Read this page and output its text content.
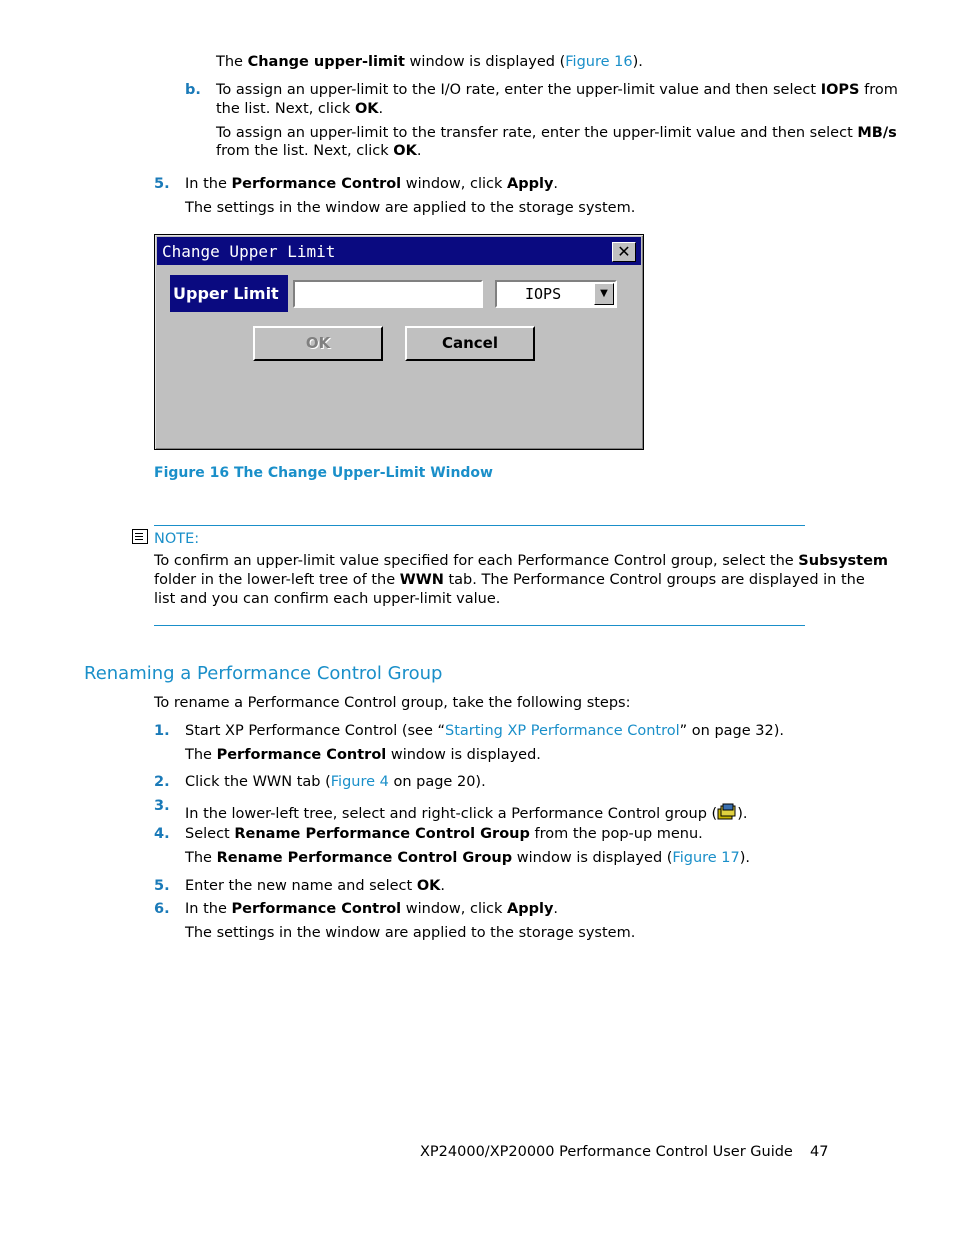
The Change upper-limit window is displayed (Figure 16).
b. To assign an upper-limit to the I/O rate, enter the upper-limit value and then select IOPS from
the list. Next, click OK.
To assign an upper-limit to the transfer rate, enter the upper-limit value and then select MB/s
from the list. Next, click OK.
5. In the Performance Control window, click Apply.
The settings in the window are applied to the storage system.
Change Upper Limit	✕
Upper Limit	IOPS	▼
OK	Cancel
Figure 16 The Change Upper-Limit Window
NOTE:
To confirm an upper-limit value specified for each Performance Control group, select the Subsystem
folder in the lower-left tree of the WWN tab. The Performance Control groups are displayed in the
list and you can confirm each upper-limit value.
Renaming a Performance Control Group
To rename a Performance Control group, take the following steps:
1. Start XP Performance Control (see “Starting XP Performance Control” on page 32).
The Performance Control window is displayed.
2. Click the WWN tab (Figure 4 on page 20).
3. In the lower-left tree, select and right-click a Performance Control group ( ).
4. Select Rename Performance Control Group from the pop-up menu.
The Rename Performance Control Group window is displayed (Figure 17).
5. Enter the new name and select OK.
6. In the Performance Control window, click Apply.
The settings in the window are applied to the storage system.
XP24000/XP20000 Performance Control User Guide 47
